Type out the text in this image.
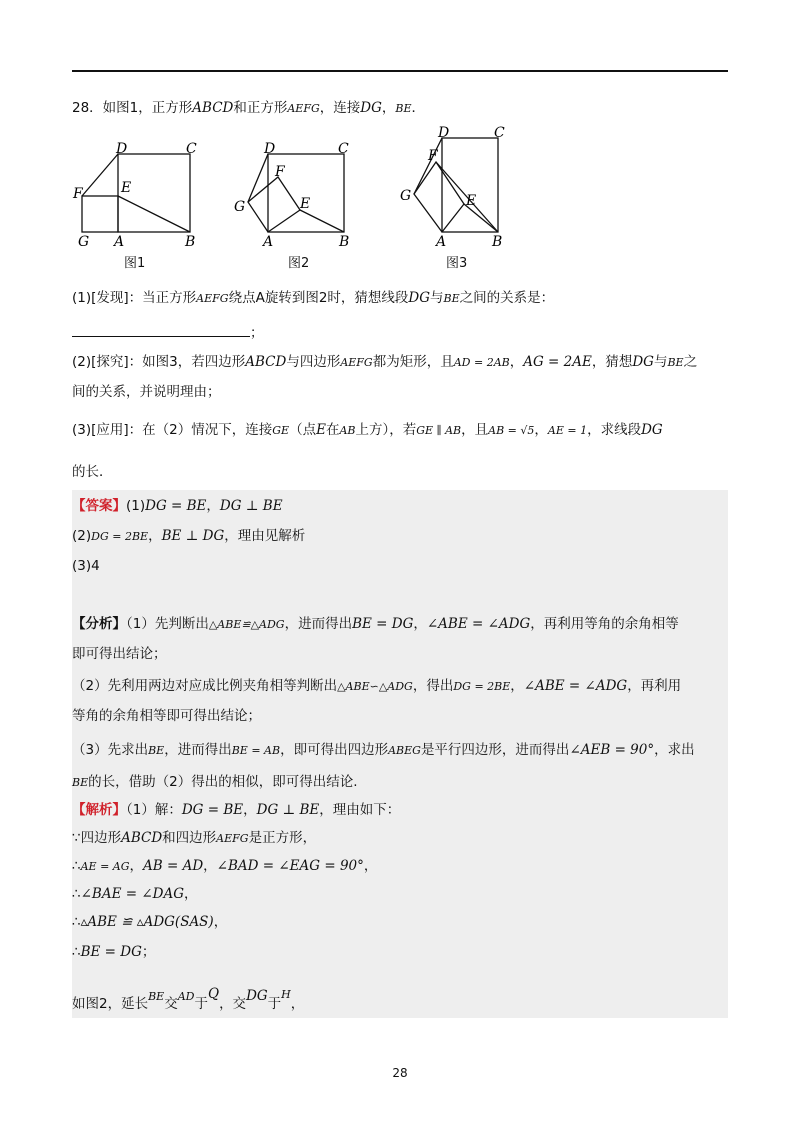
28．如图1，正方形ABCD和正方形AEFG，连接DG，BE．
D	C
F	E
G A	B
图1
D	C
F
G	E
A	B
图2
D	C
F
G	E
A	B
图3
(1)[发现]：当正方形AEFG绕点A旋转到图2时，猜想线段DG与BE之间的关系是：
；
(2)[探究]：如图3，若四边形ABCD与四边形AEFG都为矩形，且AD = 2AB，AG = 2AE，猜想DG与BE之
间的关系，并说明理由；
(3)[应用]：在（2）情况下，连接GE（点E在AB上方），若GE ∥ AB，且AB = √5，AE = 1，求线段DG
的长．
【答案】(1)DG = BE，DG ⊥ BE
(2)DG = 2BE，BE ⊥ DG，理由见解析
(3)4
【分析】（1）先判断出△ABE≌△ADG，进而得出BE = DG，∠ABE = ∠ADG，再利用等角的余角相等
即可得出结论；
（2）先利用两边对应成比例夹角相等判断出△ABE∽△ADG，得出DG = 2BE，∠ABE = ∠ADG，再利用
等角的余角相等即可得出结论；
（3）先求出BE，进而得出BE = AB，即可得出四边形ABEG是平行四边形，进而得出∠AEB = 90°，求出
BE的长，借助（2）得出的相似，即可得出结论.
【解析】（1）解：DG = BE，DG ⊥ BE，理由如下：
∵四边形ABCD和四边形AEFG是正方形，
∴AE = AG，AB = AD，∠BAD = ∠EAG = 90°，
∴∠BAE = ∠DAG，
∴▵ABE ≌ ▵ADG(SAS)，
∴BE = DG；
如图2，延长$^{BE}$交$^{AD}$于Q，交DG于$^H$，
28
